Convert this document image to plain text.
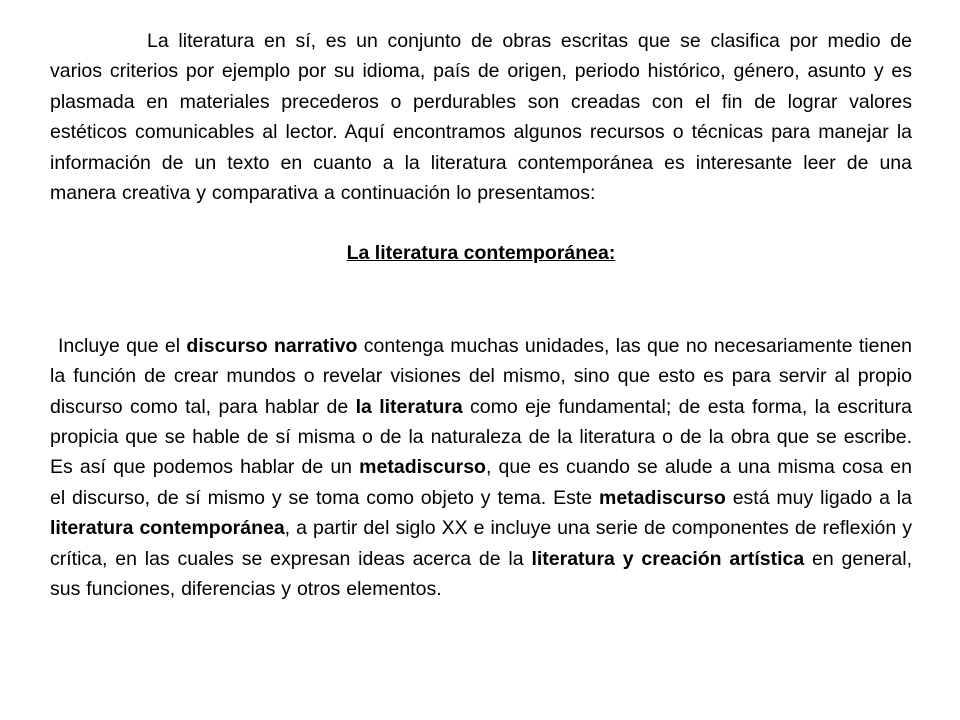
La literatura en sí, es un conjunto de obras escritas que se clasifica por medio de varios criterios por ejemplo por su idioma, país de origen, periodo histórico, género, asunto y es plasmada en materiales precederos o perdurables son creadas con el fin de lograr valores estéticos comunicables al lector. Aquí encontramos algunos recursos o técnicas para manejar la información de un texto en cuanto a la literatura contemporánea es interesante leer de una manera creativa y comparativa a continuación lo presentamos:

La literatura contemporánea:

Incluye que el discurso narrativo contenga muchas unidades, las que no necesariamente tienen la función de crear mundos o revelar visiones del mismo, sino que esto es para servir al propio discurso como tal, para hablar de la literatura como eje fundamental; de esta forma, la escritura propicia que se hable de sí misma o de la naturaleza de la literatura o de la obra que se escribe. Es así que podemos hablar de un metadiscurso, que es cuando se alude a una misma cosa en el discurso, de sí mismo y se toma como objeto y tema. Este metadiscurso está muy ligado a la literatura contemporánea, a partir del siglo XX e incluye una serie de componentes de reflexión y crítica, en las cuales se expresan ideas acerca de la literatura y creación artística en general, sus funciones, diferencias y otros elementos.
